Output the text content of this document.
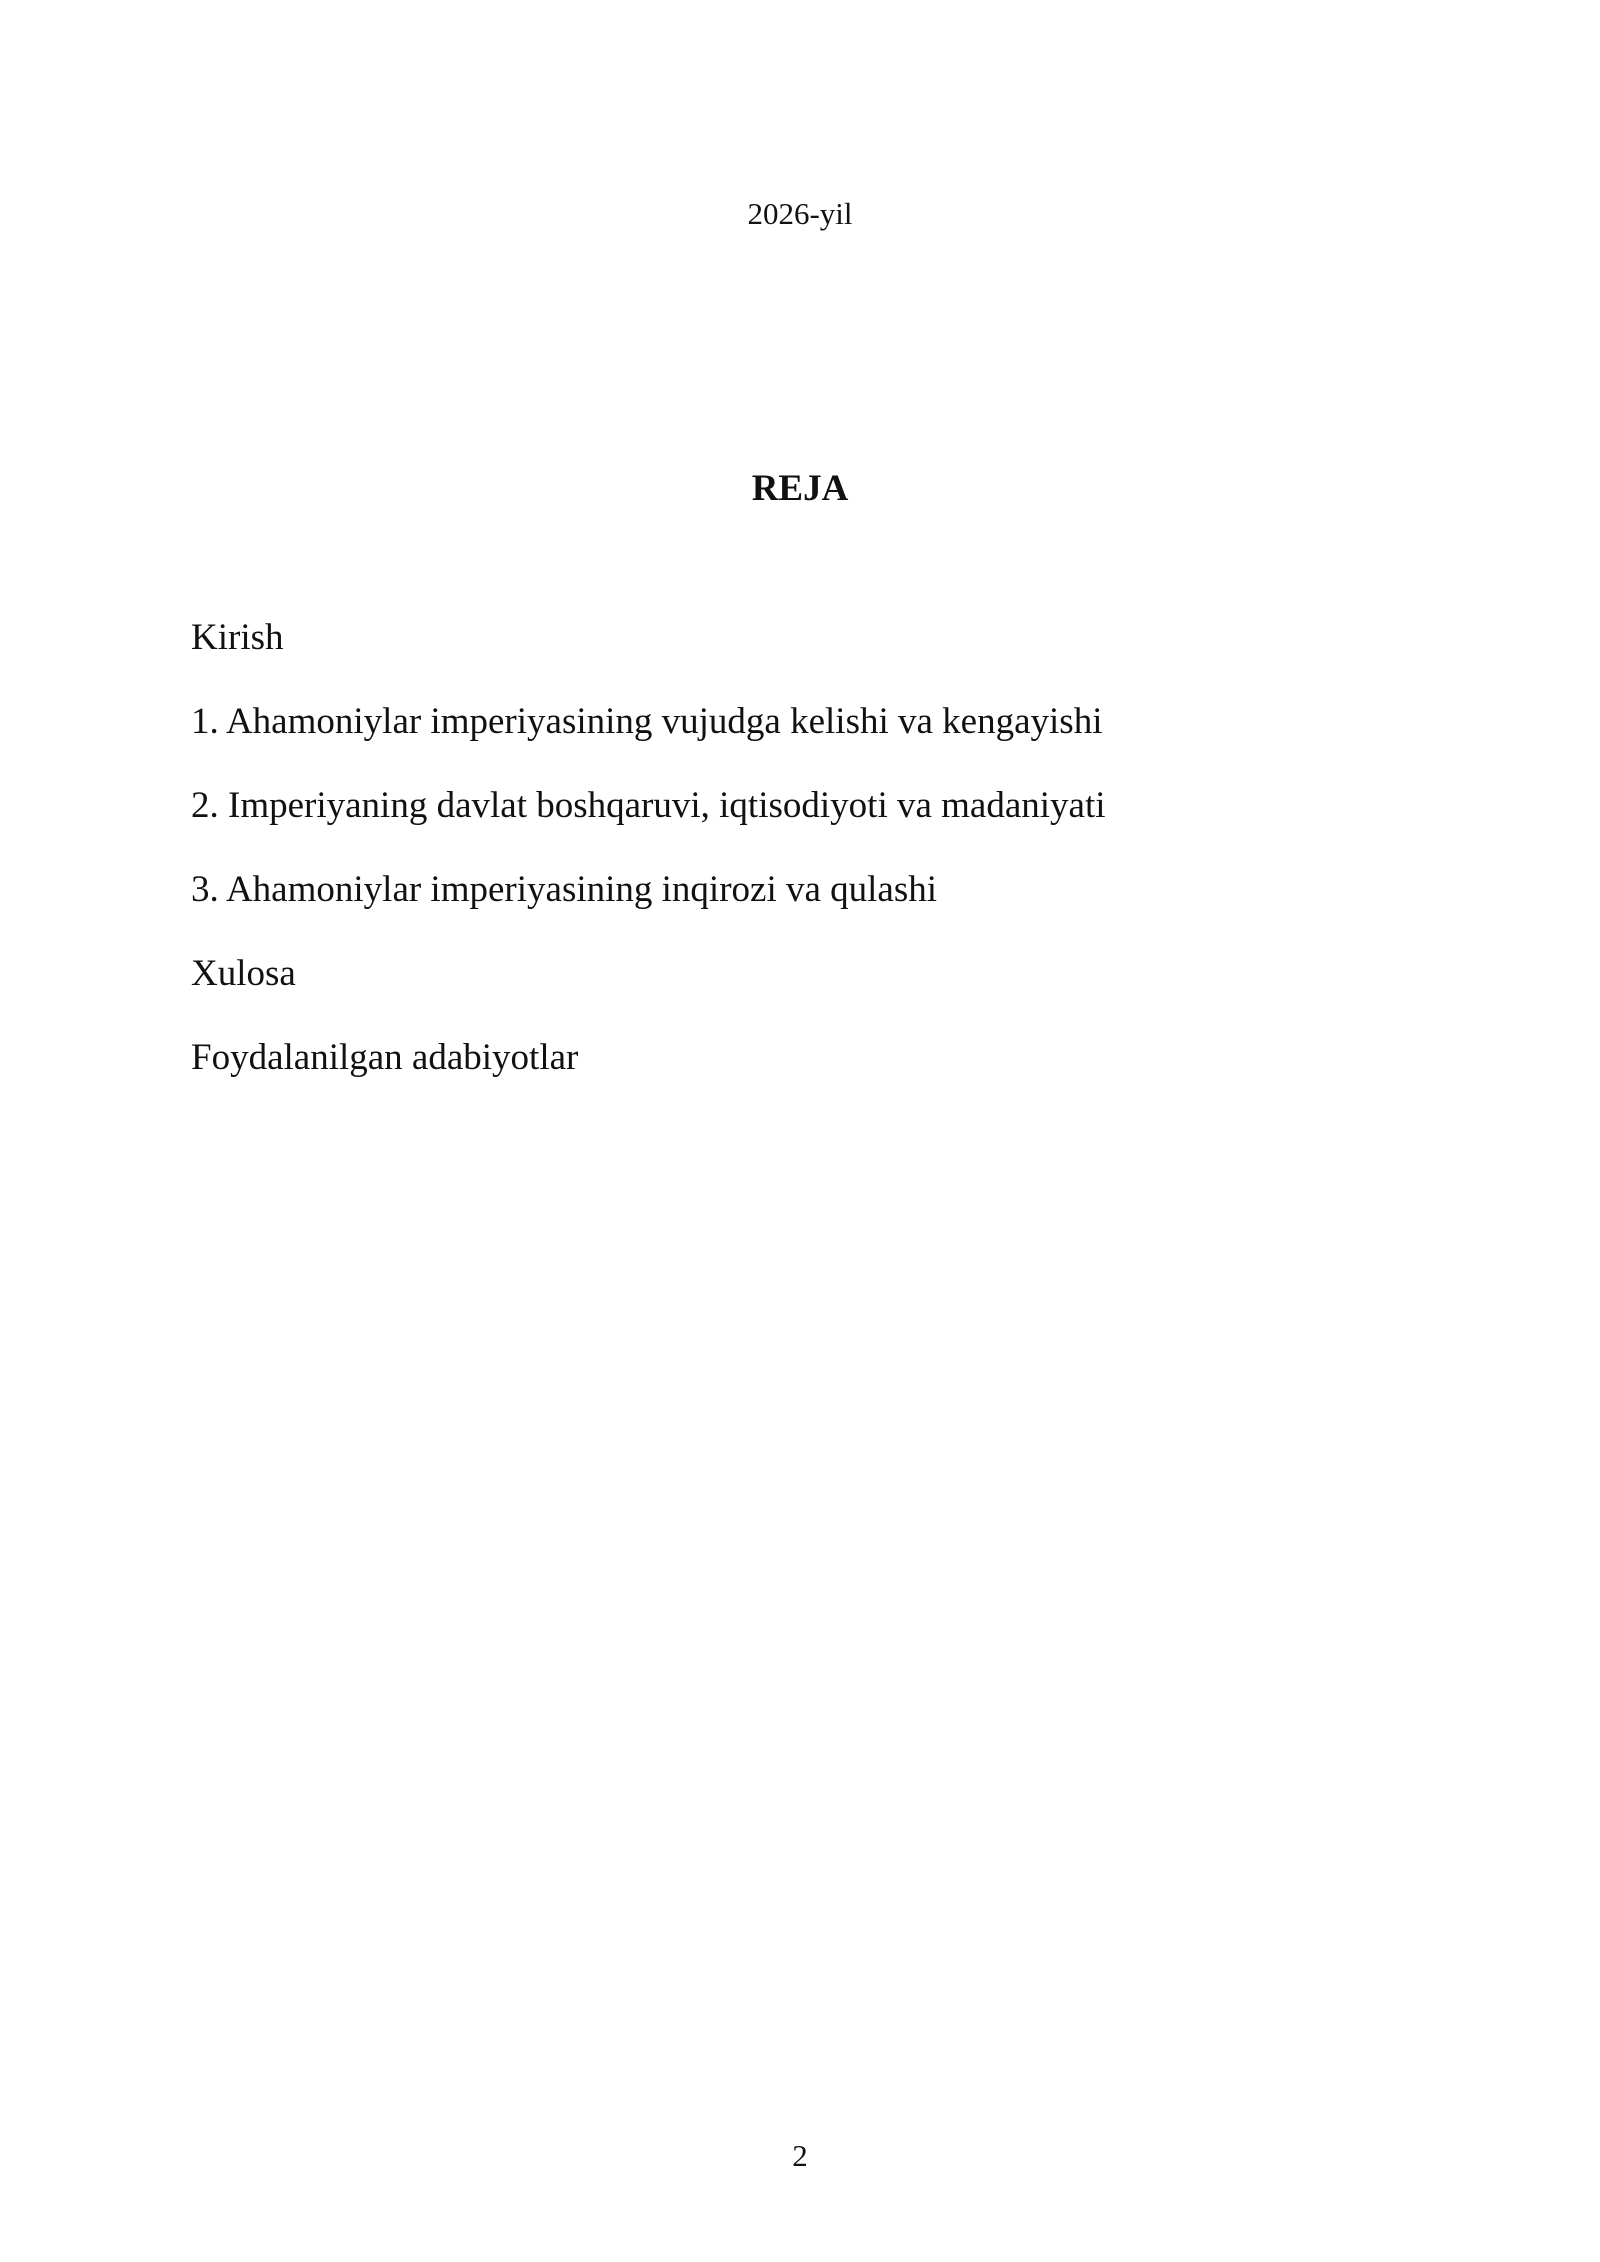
2026-yil
REJA
Kirish
1. Ahamoniylar imperiyasining vujudga kelishi va kengayishi
2. Imperiyaning davlat boshqaruvi, iqtisodiyoti va madaniyati
3. Ahamoniylar imperiyasining inqirozi va qulashi
Xulosa
Foydalanilgan adabiyotlar
2
